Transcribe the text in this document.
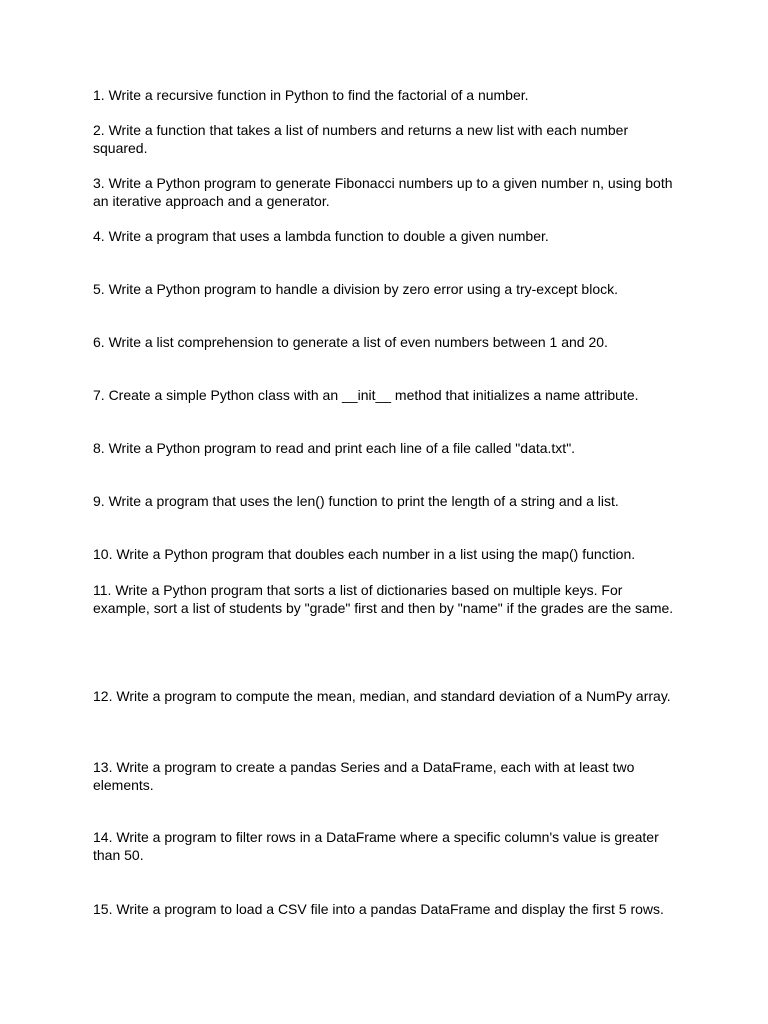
1. Write a recursive function in Python to find the factorial of a number.

2. Write a function that takes a list of numbers and returns a new list with each number squared.

3. Write a Python program to generate Fibonacci numbers up to a given number n, using both an iterative approach and a generator.

4. Write a program that uses a lambda function to double a given number.

5. Write a Python program to handle a division by zero error using a try-except block.

6. Write a list comprehension to generate a list of even numbers between 1 and 20.

7. Create a simple Python class with an __init__ method that initializes a name attribute.

8. Write a Python program to read and print each line of a file called "data.txt".

9. Write a program that uses the len() function to print the length of a string and a list.

10. Write a Python program that doubles each number in a list using the map() function.

11. Write a Python program that sorts a list of dictionaries based on multiple keys. For example, sort a list of students by "grade" first and then by "name" if the grades are the same.

12. Write a program to compute the mean, median, and standard deviation of a NumPy array.

13. Write a program to create a pandas Series and a DataFrame, each with at least two elements.

14. Write a program to filter rows in a DataFrame where a specific column's value is greater than 50.

15. Write a program to load a CSV file into a pandas DataFrame and display the first 5 rows.
